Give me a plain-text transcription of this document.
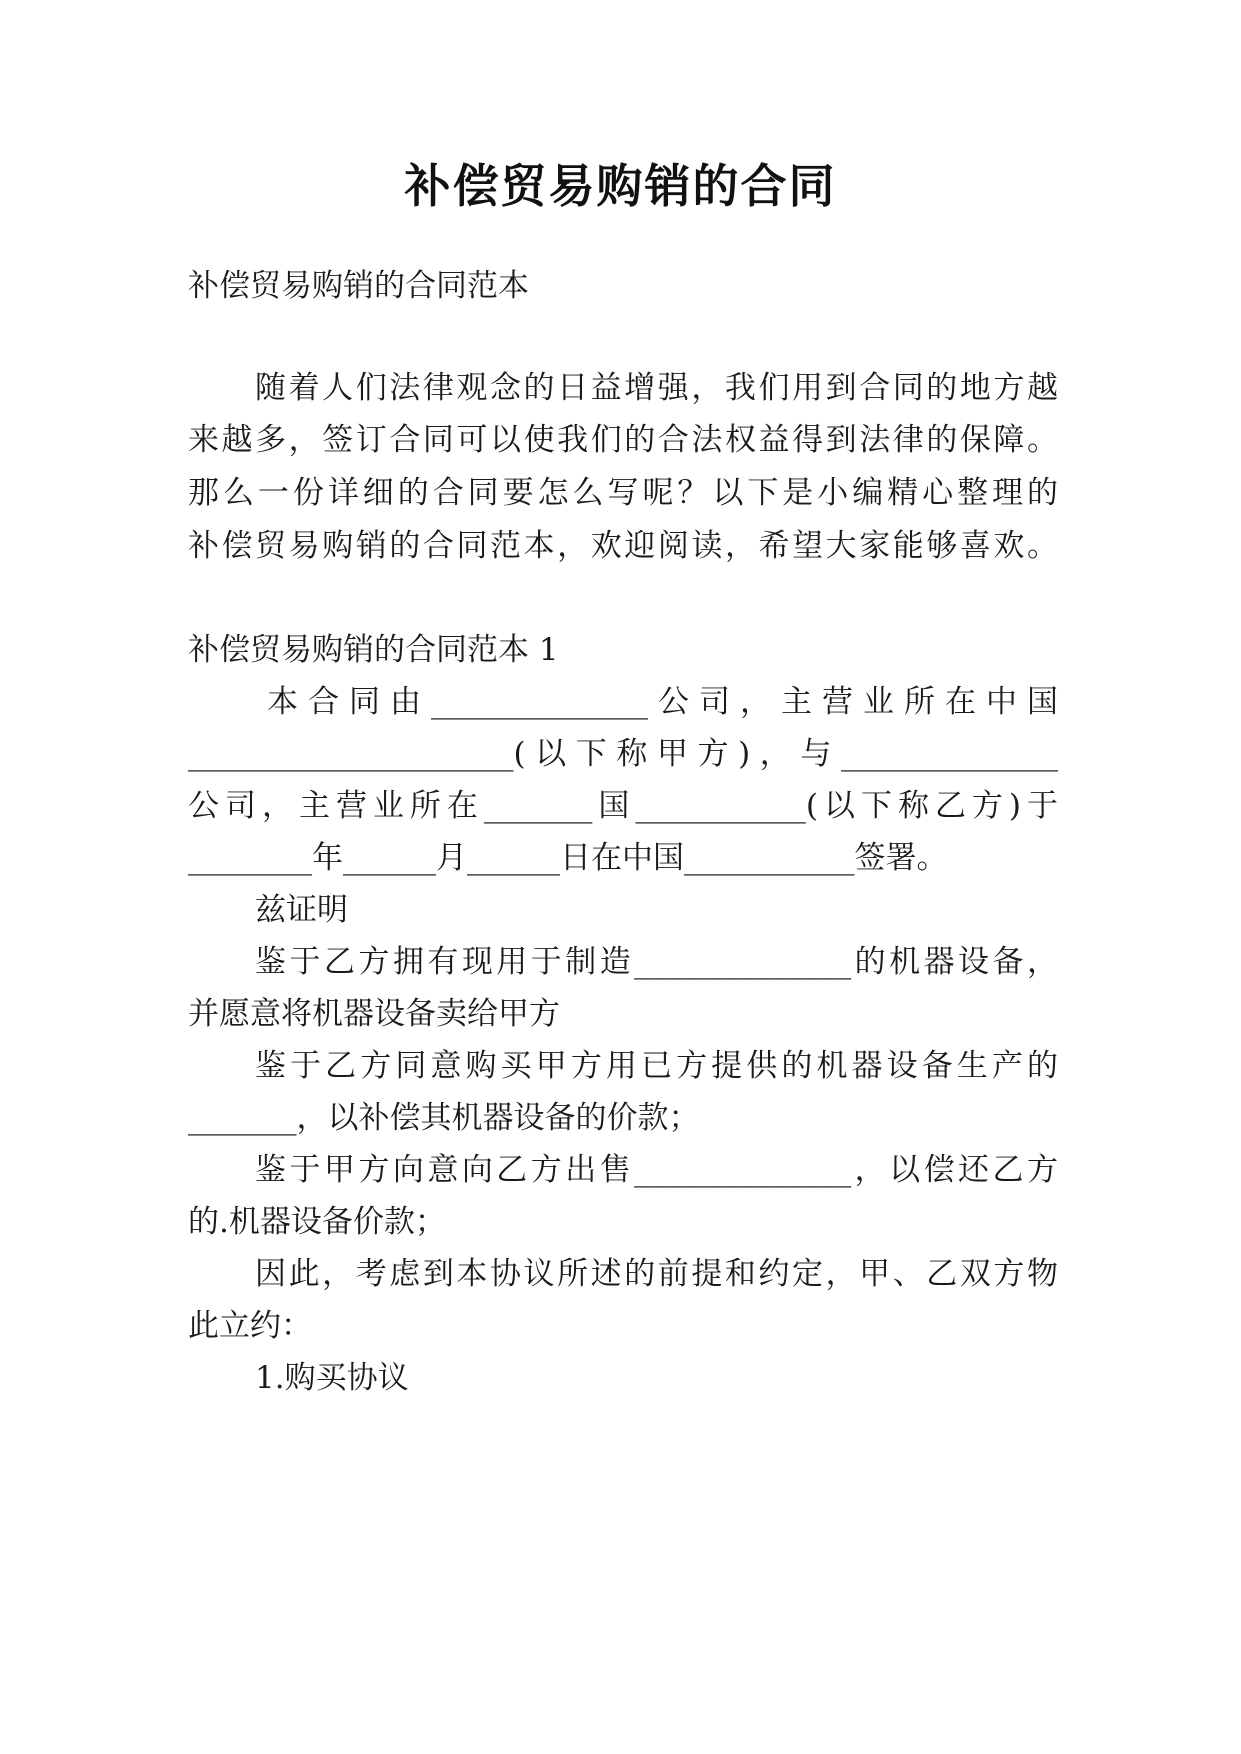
补偿贸易购销的合同
补偿贸易购销的合同范本
随着人们法律观念的日益增强，我们用到合同的地方越
来越多，签订合同可以使我们的合法权益得到法律的保障。
那么一份详细的合同要怎么写呢？以下是小编精心整理的
补偿贸易购销的合同范本，欢迎阅读，希望大家能够喜欢。
补偿贸易购销的合同范本 1
本合同由______________公司，主营业所在中国
_____________________(以下称甲方)，与______________
公司，主营业所在_______国___________(以下称乙方)于
________年______月______日在中国___________签署。
兹证明
鉴于乙方拥有现用于制造______________的机器设备，
并愿意将机器设备卖给甲方
鉴于乙方同意购买甲方用已方提供的机器设备生产的
_______，以补偿其机器设备的价款；
鉴于甲方向意向乙方出售______________，以偿还乙方
的.机器设备价款；
因此，考虑到本协议所述的前提和约定，甲、乙双方物
此立约：
1.购买协议
